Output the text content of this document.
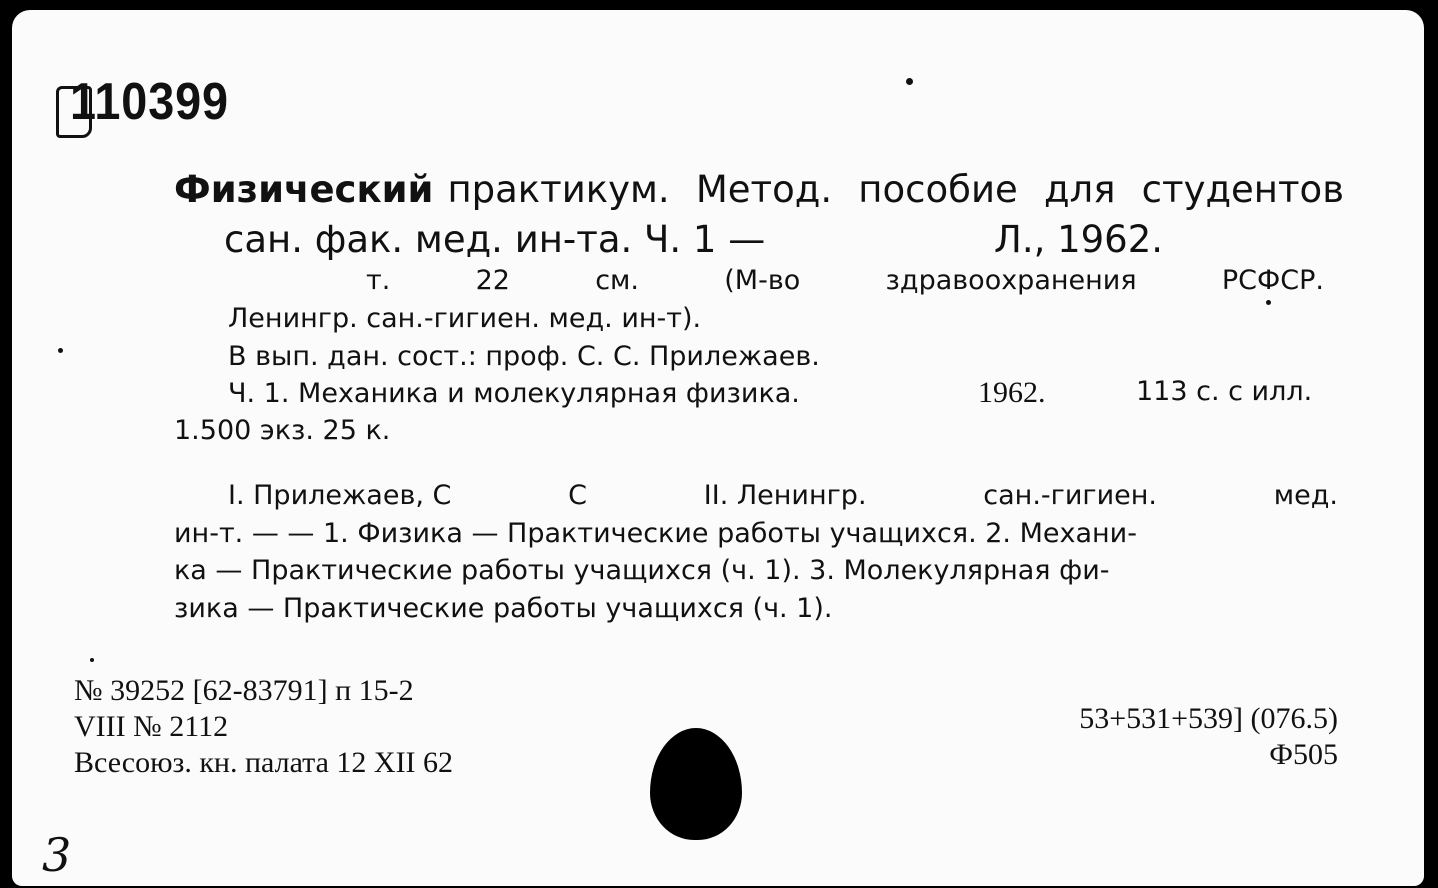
110399
Физический практикум. Метод. пособие для студентов
сан. фак. мед. ин-та. Ч. 1 —	Л., 1962.
т.	22	см.	(М-во	здравоохранения	РСФСР.
Ленингр. сан.-гигиен. мед. ин-т).
В вып. дан. сост.: проф. С. С. Прилежаев.
Ч. 1. Механика и молекулярная физика.	1962.	113 с. с илл.
1.500 экз. 25 к.
I. Прилежаев, С	С	II. Ленингр.	сан.-гигиен.	мед.
ин-т. — — 1. Физика — Практические работы учащихся. 2. Механи-
ка — Практические работы учащихся (ч. 1). 3. Молекулярная фи-
зика — Практические работы учащихся (ч. 1).
№ 39252 [62-83791] п 15-2
VIII № 2112
Всесоюз. кн. палата 12 XII 62
53+531+539] (076.5)
Ф505
3
